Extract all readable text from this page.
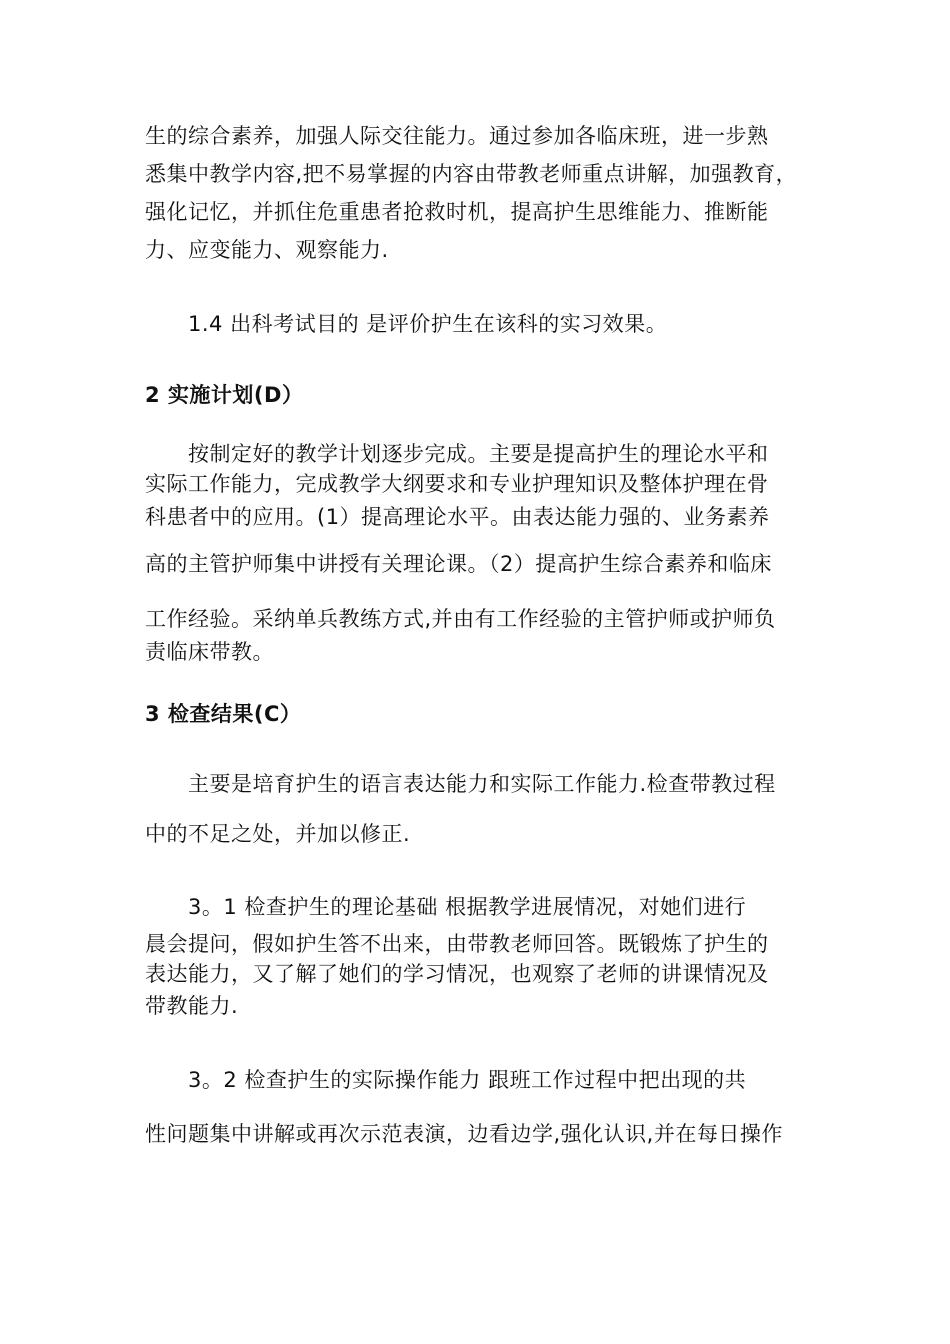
生的综合素养，加强人际交往能力。通过参加各临床班，进一步熟
悉集中教学内容,把不易掌握的内容由带教老师重点讲解，加强教育，
强化记忆，并抓住危重患者抢救时机，提高护生思维能力、推断能
力、应变能力、观察能力.
1.4 出科考试目的 是评价护生在该科的实习效果。
2 实施计划(D）
按制定好的教学计划逐步完成。主要是提高护生的理论水平和
实际工作能力，完成教学大纲要求和专业护理知识及整体护理在骨
科患者中的应用。(1）提高理论水平。由表达能力强的、业务素养
高的主管护师集中讲授有关理论课。（2）提高护生综合素养和临床
工作经验。采纳单兵教练方式,并由有工作经验的主管护师或护师负
责临床带教。
3 检查结果(C）
主要是培育护生的语言表达能力和实际工作能力.检查带教过程
中的不足之处，并加以修正.
3。1 检查护生的理论基础 根据教学进展情况，对她们进行
晨会提问，假如护生答不出来，由带教老师回答。既锻炼了护生的
表达能力，又了解了她们的学习情况，也观察了老师的讲课情况及
带教能力.
3。2 检查护生的实际操作能力 跟班工作过程中把出现的共
性问题集中讲解或再次示范表演，边看边学,强化认识,并在每日操作
